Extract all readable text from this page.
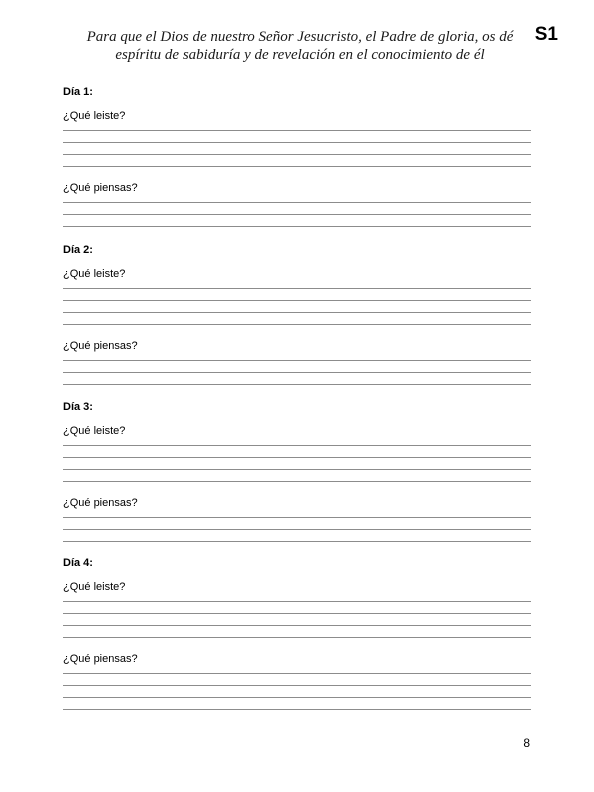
Para que el Dios de nuestro Señor Jesucristo, el Padre de gloria, os dé
espíritu de sabiduría y de revelación en el conocimiento de él
S1
Día 1:
¿Qué leiste?
¿Qué piensas?
Día 2:
¿Qué leiste?
¿Qué piensas?
Día 3:
¿Qué leiste?
¿Qué piensas?
Día 4:
¿Qué leiste?
¿Qué piensas?
8
